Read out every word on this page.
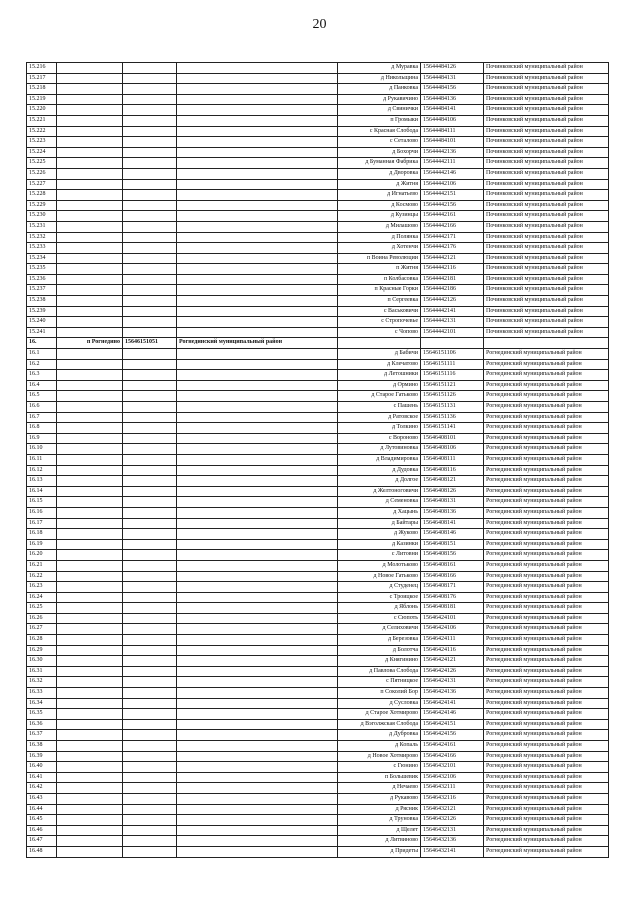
20
15.216				д Муравка	15644484126	Починковский муниципальный район
15.217				д Никольщина	15644484131	Починковский муниципальный район
15.218				д Панковка	15644484156	Починковский муниципальный район
15.219				д Рукавичино	15644484136	Починковский муниципальный район
15.220				д Свинички	15644484141	Починковский муниципальный район
15.221				п Громыки	15644484106	Починковский муниципальный район
15.222				с Красная Слобода	15644484111	Починковский муниципальный район
15.223				с Сеталово	15644484101	Починковский муниципальный район
15.224				д Бохорчи	15644442136	Починковский муниципальный район
15.225				д Буманная Фабрика	15644442111	Починковский муниципальный район
15.226				д Дворовка	15644442146	Починковский муниципальный район
15.227				д Житня	15644442106	Починковский муниципальный район
15.228				д Игнатьево	15644442151	Починковский муниципальный район
15.229				д Космово	15644442156	Починковский муниципальный район
15.230				д Кузинцы	15644442161	Починковский муниципальный район
15.231				д Милашово	15644442166	Починковский муниципальный район
15.232				д Полянка	15644442171	Починковский муниципальный район
15.233				д Хотенчи	15644442176	Починковский муниципальный район
15.234				п Воина Революции	15644442121	Починковский муниципальный район
15.235				п Житня	15644442116	Починковский муниципальный район
15.236				п Колбасовка	15644442181	Починковский муниципальный район
15.237				п Красные Горки	15644442186	Починковский муниципальный район
15.238				п Сергеевка	15644442126	Починковский муниципальный район
15.239				с Васьковичи	15644442141	Починковский муниципальный район
15.240				с Стропочевье	15644442131	Починковский муниципальный район
15.241				с Чопово	15644442101	Починковский муниципальный район
16.	п Рогнедино	15646151051	Рогнединский муниципальный район			
16.1				д Бабичи	15646151106	Рогнединский муниципальный район
16.2				д Клечатово	15646151111	Рогнединский муниципальный район
16.3				д Летошники	15646151116	Рогнединский муниципальный район
16.4				д Ормино	15646151121	Рогнединский муниципальный район
16.5				д Старое Гатьково	15646151126	Рогнединский муниципальный район
16.6				с Пашень	15646151131	Рогнединский муниципальный район
16.7				д Ратовское	15646151136	Рогнединский муниципальный район
16.8				д Толкино	15646151141	Рогнединский муниципальный район
16.9				с Вороново	15646408101	Рогнединский муниципальный район
16.10				д Лутовиновка	15646408106	Рогнединский муниципальный район
16.11				д Владимировка	15646408111	Рогнединский муниципальный район
16.12				д Дудовка	15646408116	Рогнединский муниципальный район
16.13				д Долгое	15646408121	Рогнединский муниципальный район
16.14				д Желтоноговичи	15646408126	Рогнединский муниципальный район
16.15				д Семеновка	15646408131	Рогнединский муниципальный район
16.16				д Хацынь	15646408136	Рогнединский муниципальный район
16.17				д Байтары	15646408141	Рогнединский муниципальный район
16.18				д Жуково	15646408146	Рогнединский муниципальный район
16.19				д Казинки	15646408151	Рогнединский муниципальный район
16.20				с Литовни	15646408156	Рогнединский муниципальный район
16.21				д Молотьково	15646408161	Рогнединский муниципальный район
16.22				д Новое Гатьково	15646408166	Рогнединский муниципальный район
16.23				д Студенец	15646408171	Рогнединский муниципальный район
16.24				с Троицкое	15646408176	Рогнединский муниципальный район
16.25				д Яблонь	15646408181	Рогнединский муниципальный район
16.26				с Сюпоть	15646424101	Рогнединский муниципальный район
16.27				д Селиховичи	15646424106	Рогнединский муниципальный район
16.28				д Березовка	15646424111	Рогнединский муниципальный район
16.29				д Болотча	15646424116	Рогнединский муниципальный район
16.30				д Княгинино	15646424121	Рогнединский муниципальный район
16.31				д Павлова Слобода	15646424126	Рогнединский муниципальный район
16.32				с Пятницкое	15646424131	Рогнединский муниципальный район
16.33				п Соколий Бор	15646424136	Рогнединский муниципальный район
16.34				д Сусловка	15646424141	Рогнединский муниципальный район
16.35				д Старое Хотмирово	15646424146	Рогнединский муниципальный район
16.36				д Вэголжская Слобода	15646424151	Рогнединский муниципальный район
16.37				д Дубровка	15646424156	Рогнединский муниципальный район
16.38				д Копаль	15646424161	Рогнединский муниципальный район
16.39				д Новое Хотмирово	15646424166	Рогнединский муниципальный район
16.40				с Гюнино	15646432101	Рогнединский муниципальный район
16.41				п Большевик	15646432106	Рогнединский муниципальный район
16.42				д Нечаево	15646432111	Рогнединский муниципальный район
16.43				д Рукавово	15646432116	Рогнединский муниципальный район
16.44				д Рясник	15646432121	Рогнединский муниципальный район
16.45				д Труновка	15646432126	Рогнединский муниципальный район
16.46				д Щелет	15646432131	Рогнединский муниципальный район
16.47				д Литвиново	15646432136	Рогнединский муниципальный район
16.48				д Придеты	15646432141	Рогнединский муниципальный район
